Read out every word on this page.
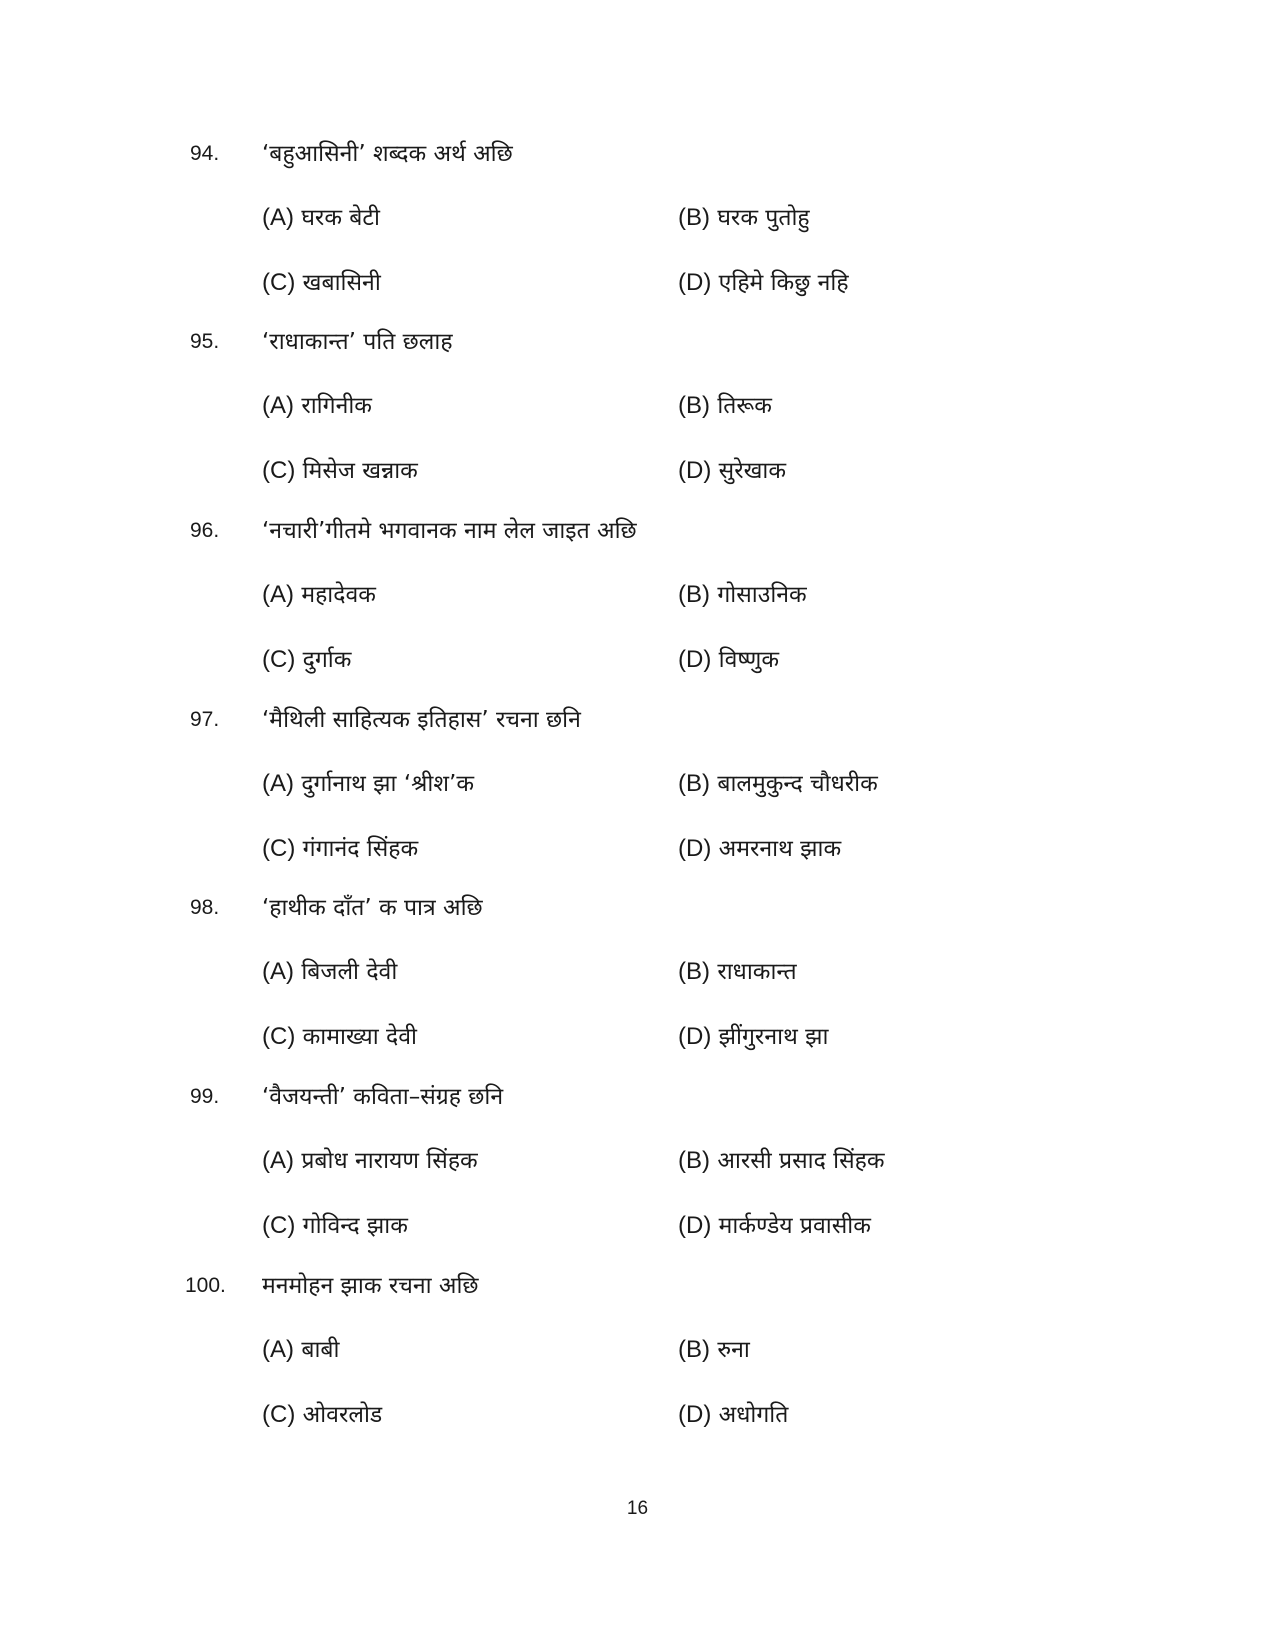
94. ‘बहुआसिनी’ शब्दक अर्थ अछि
(A) घरक बेटी	(B) घरक पुतोहु
(C) खबासिनी	(D) एहिमे किछु नहि
95. ‘राधाकान्त’ पति छलाह
(A) रागिनीक	(B) तिरूक
(C) मिसेज खन्नाक	(D) सुरेखाक
96. ‘नचारी’गीतमे भगवानक नाम लेल जाइत अछि
(A) महादेवक	(B) गोसाउनिक
(C) दुर्गाक	(D) विष्णुक
97. ‘मैथिली साहित्यक इतिहास’ रचना छनि
(A) दुर्गानाथ झा ‘श्रीश’क	(B) बालमुकुन्द चौधरीक
(C) गंगानंद सिंहक	(D) अमरनाथ झाक
98. ‘हाथीक दाँत’ क पात्र अछि
(A) बिजली देवी	(B) राधाकान्त
(C) कामाख्या देवी	(D) झींगुरनाथ झा
99. ‘वैजयन्ती’ कविता–संग्रह छनि
(A) प्रबोध नारायण सिंहक	(B) आरसी प्रसाद सिंहक
(C) गोविन्द झाक	(D) मार्कण्डेय प्रवासीक
100. मनमोहन झाक रचना अछि
(A) बाबी	(B) रुना
(C) ओवरलोड	(D) अधोगति
16
